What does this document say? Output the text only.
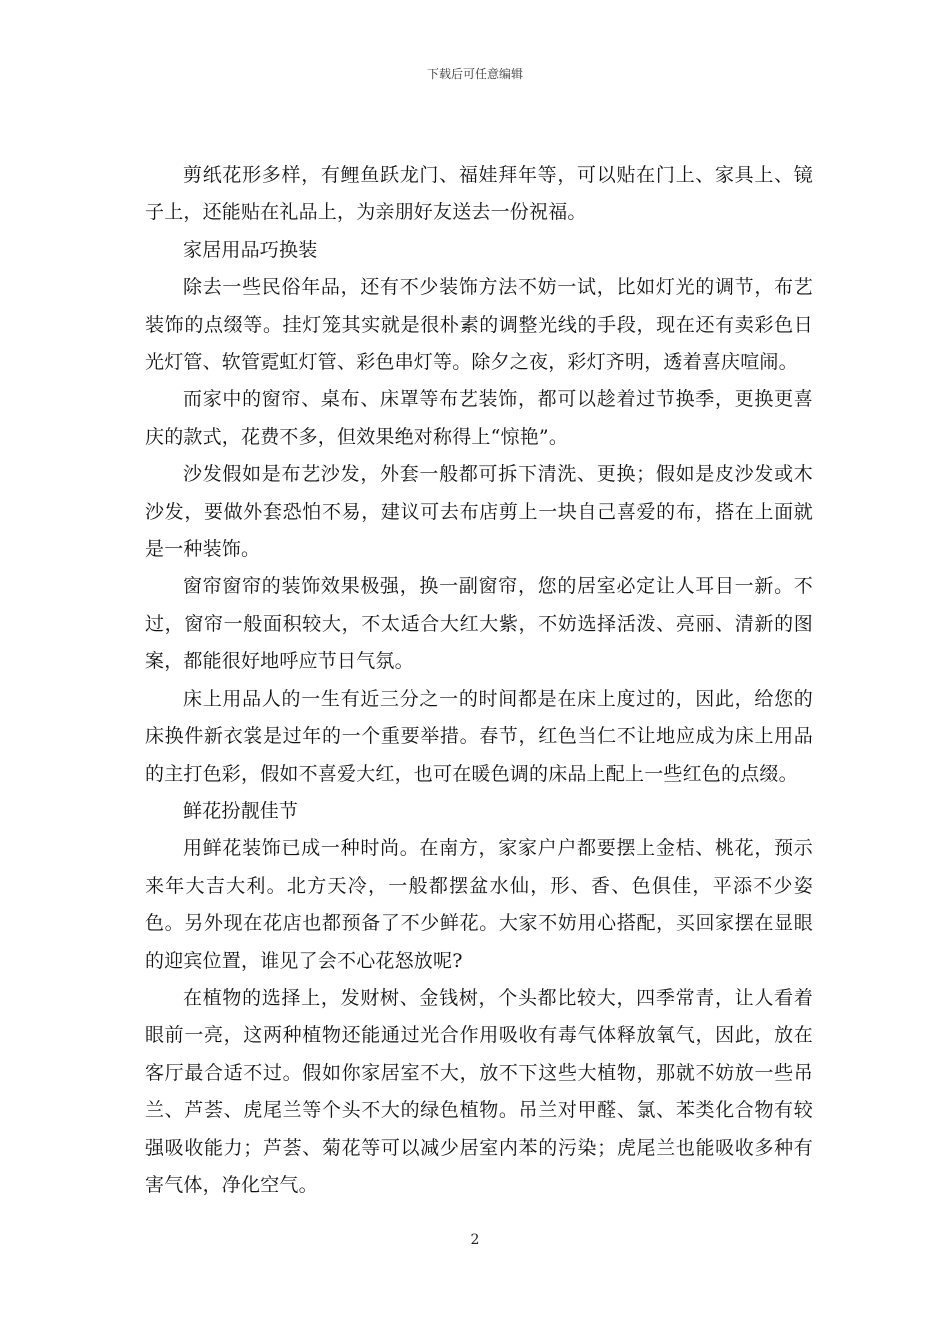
下载后可任意编辑

剪纸花形多样，有鲤鱼跃龙门、福娃拜年等，可以贴在门上、家具上、镜子上，还能贴在礼品上，为亲朋好友送去一份祝福。

家居用品巧换装

除去一些民俗年品，还有不少装饰方法不妨一试，比如灯光的调节，布艺装饰的点缀等。挂灯笼其实就是很朴素的调整光线的手段，现在还有卖彩色日光灯管、软管霓虹灯管、彩色串灯等。除夕之夜，彩灯齐明，透着喜庆喧闹。

而家中的窗帘、桌布、床罩等布艺装饰，都可以趁着过节换季，更换更喜庆的款式，花费不多，但效果绝对称得上“惊艳”。

沙发假如是布艺沙发，外套一般都可拆下清洗、更换；假如是皮沙发或木沙发，要做外套恐怕不易，建议可去布店剪上一块自己喜爱的布，搭在上面就是一种装饰。

窗帘窗帘的装饰效果极强，换一副窗帘，您的居室必定让人耳目一新。不过，窗帘一般面积较大，不太适合大红大紫，不妨选择活泼、亮丽、清新的图案，都能很好地呼应节日气氛。

床上用品人的一生有近三分之一的时间都是在床上度过的，因此，给您的床换件新衣裳是过年的一个重要举措。春节，红色当仁不让地应成为床上用品的主打色彩，假如不喜爱大红，也可在暖色调的床品上配上一些红色的点缀。

鲜花扮靓佳节

用鲜花装饰已成一种时尚。在南方，家家户户都要摆上金桔、桃花，预示来年大吉大利。北方天冷，一般都摆盆水仙，形、香、色俱佳，平添不少姿色。另外现在花店也都预备了不少鲜花。大家不妨用心搭配，买回家摆在显眼的迎宾位置，谁见了会不心花怒放呢?

在植物的选择上，发财树、金钱树，个头都比较大，四季常青，让人看着眼前一亮，这两种植物还能通过光合作用吸收有毒气体释放氧气，因此，放在客厅最合适不过。假如你家居室不大，放不下这些大植物，那就不妨放一些吊兰、芦荟、虎尾兰等个头不大的绿色植物。吊兰对甲醛、氯、苯类化合物有较强吸收能力；芦荟、菊花等可以减少居室内苯的污染；虎尾兰也能吸收多种有害气体，净化空气。

2
